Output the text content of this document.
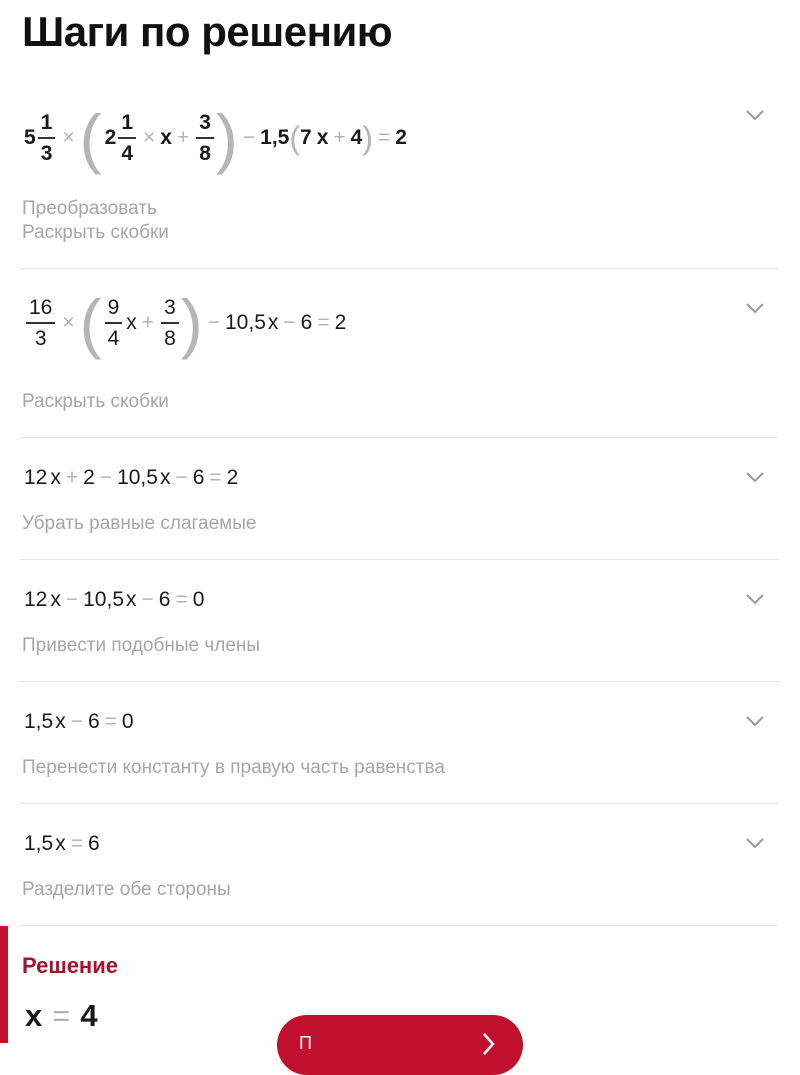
Шаги по решению
$5 \frac{1}{3}$ × ( $2 \frac{1}{4} \times x + \frac{3}{8}$ ) − 1,5 ( 7 x + 4 ) = 2
Преобразовать
Раскрыть скобки
$\frac{16}{3}$ × ( $\frac{9}{4}$ $x + \frac{3}{8}$ ) − 10,5 x − 6 = 2
Раскрыть скобки
12 x + 2 − 10,5 x − 6 = 2
Убрать равные слагаемые
12 x − 10,5 x − 6 = 0
Привести подобные члены
1,5 x − 6 = 0
Перенести константу в правую часть равенства
1,5 x = 6
Разделите обе стороны
Решение
x = 4
П
